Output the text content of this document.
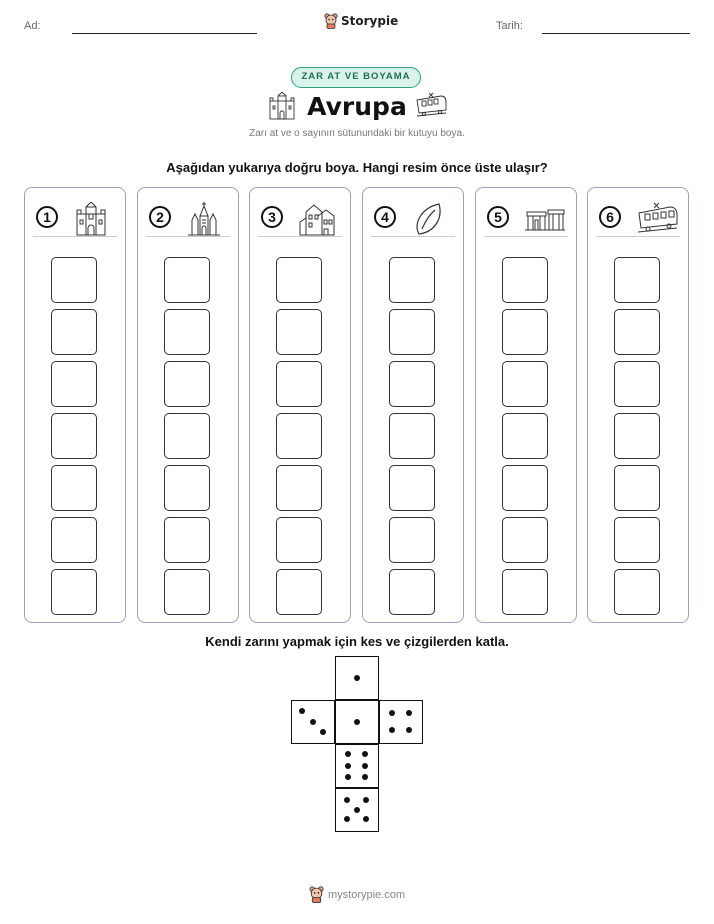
Ad:	Storypie	Tarih:
ZAR AT VE BOYAMA
Avrupa
Zarı at ve o sayının sütunundaki bir kutuyu boya.
Aşağıdan yukarıya doğru boya. Hangi resim önce üste ulaşır?
1	2	3	4	5	6
Kendi zarını yapmak için kes ve çizgilerden katla.
mystorypie.com
